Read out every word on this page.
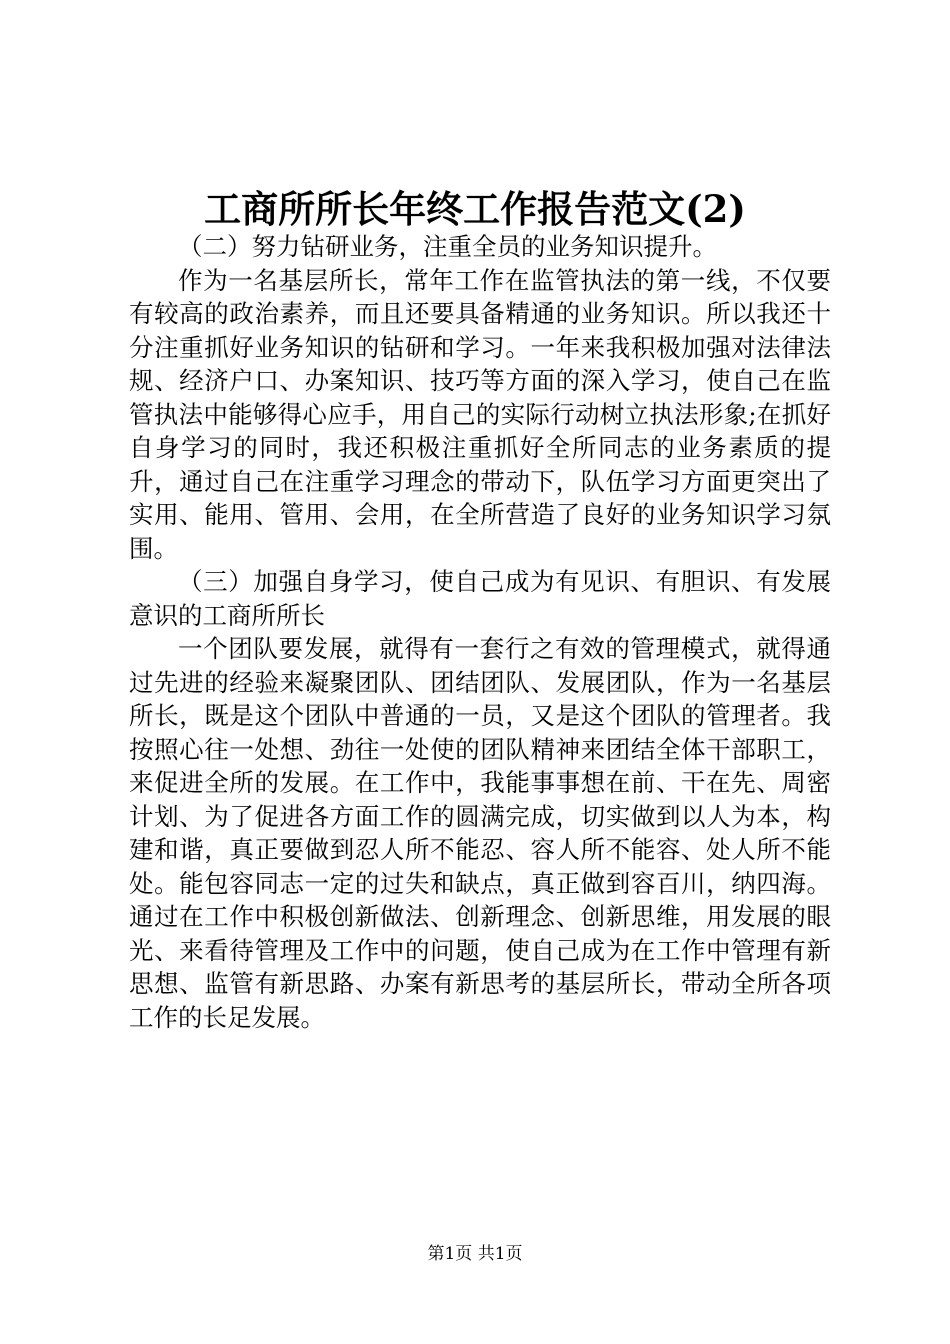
工商所所长年终工作报告范文(2)

（二）努力钻研业务，注重全员的业务知识提升。

作为一名基层所长，常年工作在监管执法的第一线，不仅要有较高的政治素养，而且还要具备精通的业务知识。所以我还十分注重抓好业务知识的钻研和学习。一年来我积极加强对法律法规、经济户口、办案知识、技巧等方面的深入学习，使自己在监管执法中能够得心应手，用自己的实际行动树立执法形象;在抓好自身学习的同时，我还积极注重抓好全所同志的业务素质的提升，通过自己在注重学习理念的带动下，队伍学习方面更突出了实用、能用、管用、会用，在全所营造了良好的业务知识学习氛围。

（三）加强自身学习，使自己成为有见识、有胆识、有发展意识的工商所所长

一个团队要发展，就得有一套行之有效的管理模式，就得通过先进的经验来凝聚团队、团结团队、发展团队，作为一名基层所长，既是这个团队中普通的一员，又是这个团队的管理者。我按照心往一处想、劲往一处使的团队精神来团结全体干部职工，来促进全所的发展。在工作中，我能事事想在前、干在先、周密计划、为了促进各方面工作的圆满完成，切实做到以人为本，构建和谐，真正要做到忍人所不能忍、容人所不能容、处人所不能处。能包容同志一定的过失和缺点，真正做到容百川，纳四海。通过在工作中积极创新做法、创新理念、创新思维，用发展的眼光、来看待管理及工作中的问题，使自己成为在工作中管理有新思想、监管有新思路、办案有新思考的基层所长，带动全所各项工作的长足发展。

第1页 共1页
